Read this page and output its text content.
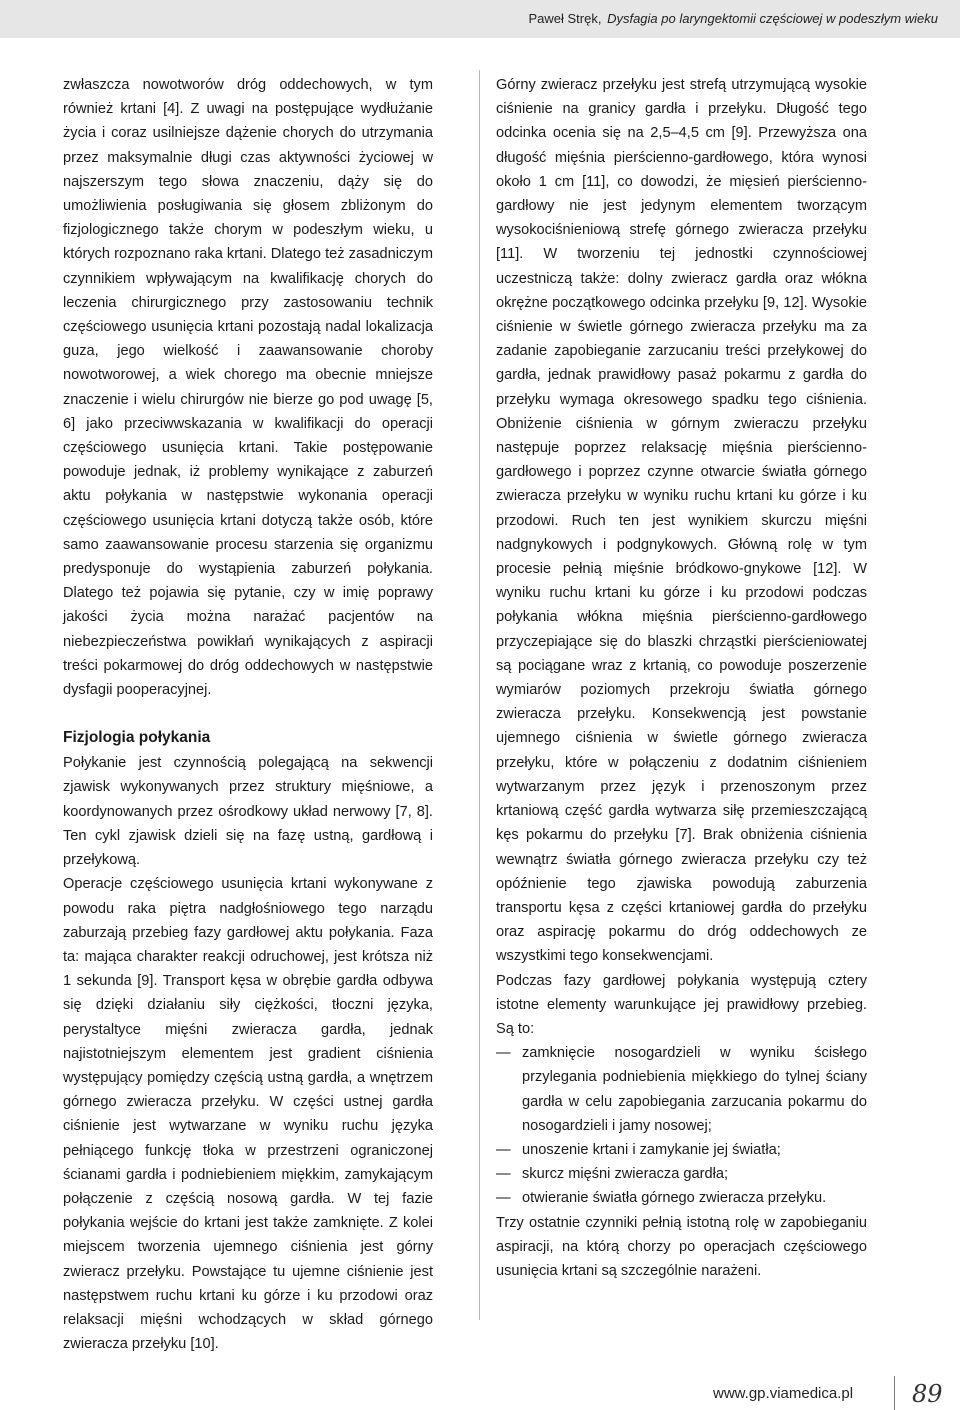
Paweł Stręk, Dysfagia po laryngektomii częściowej w podeszłym wieku

zwłaszcza nowotworów dróg oddechowych, w tym również krtani [4]. Z uwagi na postępujące wydłużanie życia i coraz usilniejsze dążenie chorych do utrzymania przez maksymalnie długi czas aktywności życiowej w najszerszym tego słowa znaczeniu, dąży się do umożliwienia posługiwania się głosem zbliżonym do fizjologicznego także chorym w podeszłym wieku, u których rozpoznano raka krtani. Dlatego też zasadniczym czynnikiem wpływającym na kwalifikację chorych do leczenia chirurgicznego przy zastosowaniu technik częściowego usunięcia krtani pozostają nadal lokalizacja guza, jego wielkość i zaawansowanie choroby nowotworowej, a wiek chorego ma obecnie mniejsze znaczenie i wielu chirurgów nie bierze go pod uwagę [5, 6] jako przeciwwskazania w kwalifikacji do operacji częściowego usunięcia krtani. Takie postępowanie powoduje jednak, iż problemy wynikające z zaburzeń aktu połykania w następstwie wykonania operacji częściowego usunięcia krtani dotyczą także osób, które samo zaawansowanie procesu starzenia się organizmu predysponuje do wystąpienia zaburzeń połykania. Dlatego też pojawia się pytanie, czy w imię poprawy jakości życia można narażać pacjentów na niebezpieczeństwa powikłań wynikających z aspiracji treści pokarmowej do dróg oddechowych w następstwie dysfagii pooperacyjnej.

Fizjologia połykania

Połykanie jest czynnością polegającą na sekwencji zjawisk wykonywanych przez struktury mięśniowe, a koordynowanych przez ośrodkowy układ nerwowy [7, 8]. Ten cykl zjawisk dzieli się na fazę ustną, gardłową i przełykową.

Operacje częściowego usunięcia krtani wykonywane z powodu raka piętra nadgłośniowego tego narządu zaburzają przebieg fazy gardłowej aktu połykania. Faza ta: mająca charakter reakcji odruchowej, jest krótsza niż 1 sekunda [9]. Transport kęsa w obrębie gardła odbywa się dzięki działaniu siły ciężkości, tłoczni języka, perystaltyce mięśni zwieracza gardła, jednak najistotniejszym elementem jest gradient ciśnienia występujący pomiędzy częścią ustną gardła, a wnętrzem górnego zwieracza przełyku. W części ustnej gardła ciśnienie jest wytwarzane w wyniku ruchu języka pełniącego funkcję tłoka w przestrzeni ograniczonej ścianami gardła i podniebieniem miękkim, zamykającym połączenie z częścią nosową gardła. W tej fazie połykania wejście do krtani jest także zamknięte. Z kolei miejscem tworzenia ujemnego ciśnienia jest górny zwieracz przełyku. Powstające tu ujemne ciśnienie jest następstwem ruchu krtani ku górze i ku przodowi oraz relaksacji mięśni wchodzących w skład górnego zwieracza przełyku [10].

Górny zwieracz przełyku jest strefą utrzymującą wysokie ciśnienie na granicy gardła i przełyku. Długość tego odcinka ocenia się na 2,5–4,5 cm [9]. Przewyższa ona długość mięśnia pierścienno-gardłowego, która wynosi około 1 cm [11], co dowodzi, że mięsień pierścienno-gardłowy nie jest jedynym elementem tworzącym wysokociśnieniową strefę górnego zwieracza przełyku [11]. W tworzeniu tej jednostki czynnościowej uczestniczą także: dolny zwieracz gardła oraz włókna okrężne początkowego odcinka przełyku [9, 12]. Wysokie ciśnienie w świetle górnego zwieracza przełyku ma za zadanie zapobieganie zarzucaniu treści przełykowej do gardła, jednak prawidłowy pasaż pokarmu z gardła do przełyku wymaga okresowego spadku tego ciśnienia. Obniżenie ciśnienia w górnym zwieraczu przełyku następuje poprzez relaksację mięśnia pierścienno-gardłowego i poprzez czynne otwarcie światła górnego zwieracza przełyku w wyniku ruchu krtani ku górze i ku przodowi. Ruch ten jest wynikiem skurczu mięśni nadgnykowych i podgnykowych. Główną rolę w tym procesie pełnią mięśnie bródkowo-gnykowe [12]. W wyniku ruchu krtani ku górze i ku przodowi podczas połykania włókna mięśnia pierścienno-gardłowego przyczepiające się do blaszki chrząstki pierścieniowatej są pociągane wraz z krtanią, co powoduje poszerzenie wymiarów poziomych przekroju światła górnego zwieracza przełyku. Konsekwencją jest powstanie ujemnego ciśnienia w świetle górnego zwieracza przełyku, które w połączeniu z dodatnim ciśnieniem wytwarzanym przez język i przenoszonym przez krtaniową część gardła wytwarza siłę przemieszczającą kęs pokarmu do przełyku [7]. Brak obniżenia ciśnienia wewnątrz światła górnego zwieracza przełyku czy też opóźnienie tego zjawiska powodują zaburzenia transportu kęsa z części krtaniowej gardła do przełyku oraz aspirację pokarmu do dróg oddechowych ze wszystkimi tego konsekwencjami.

Podczas fazy gardłowej połykania występują cztery istotne elementy warunkujące jej prawidłowy przebieg. Są to:

— zamknięcie nosogardzieli w wyniku ścisłego przylegania podniebienia miękkiego do tylnej ściany gardła w celu zapobiegania zarzucania pokarmu do nosogardzieli i jamy nosowej;
— unoszenie krtani i zamykanie jej światła;
— skurcz mięśni zwieracza gardła;
— otwieranie światła górnego zwieracza przełyku.

Trzy ostatnie czynniki pełnią istotną rolę w zapobieganiu aspiracji, na którą chorzy po operacjach częściowego usunięcia krtani są szczególnie narażeni.

www.gp.viamedica.pl 89
